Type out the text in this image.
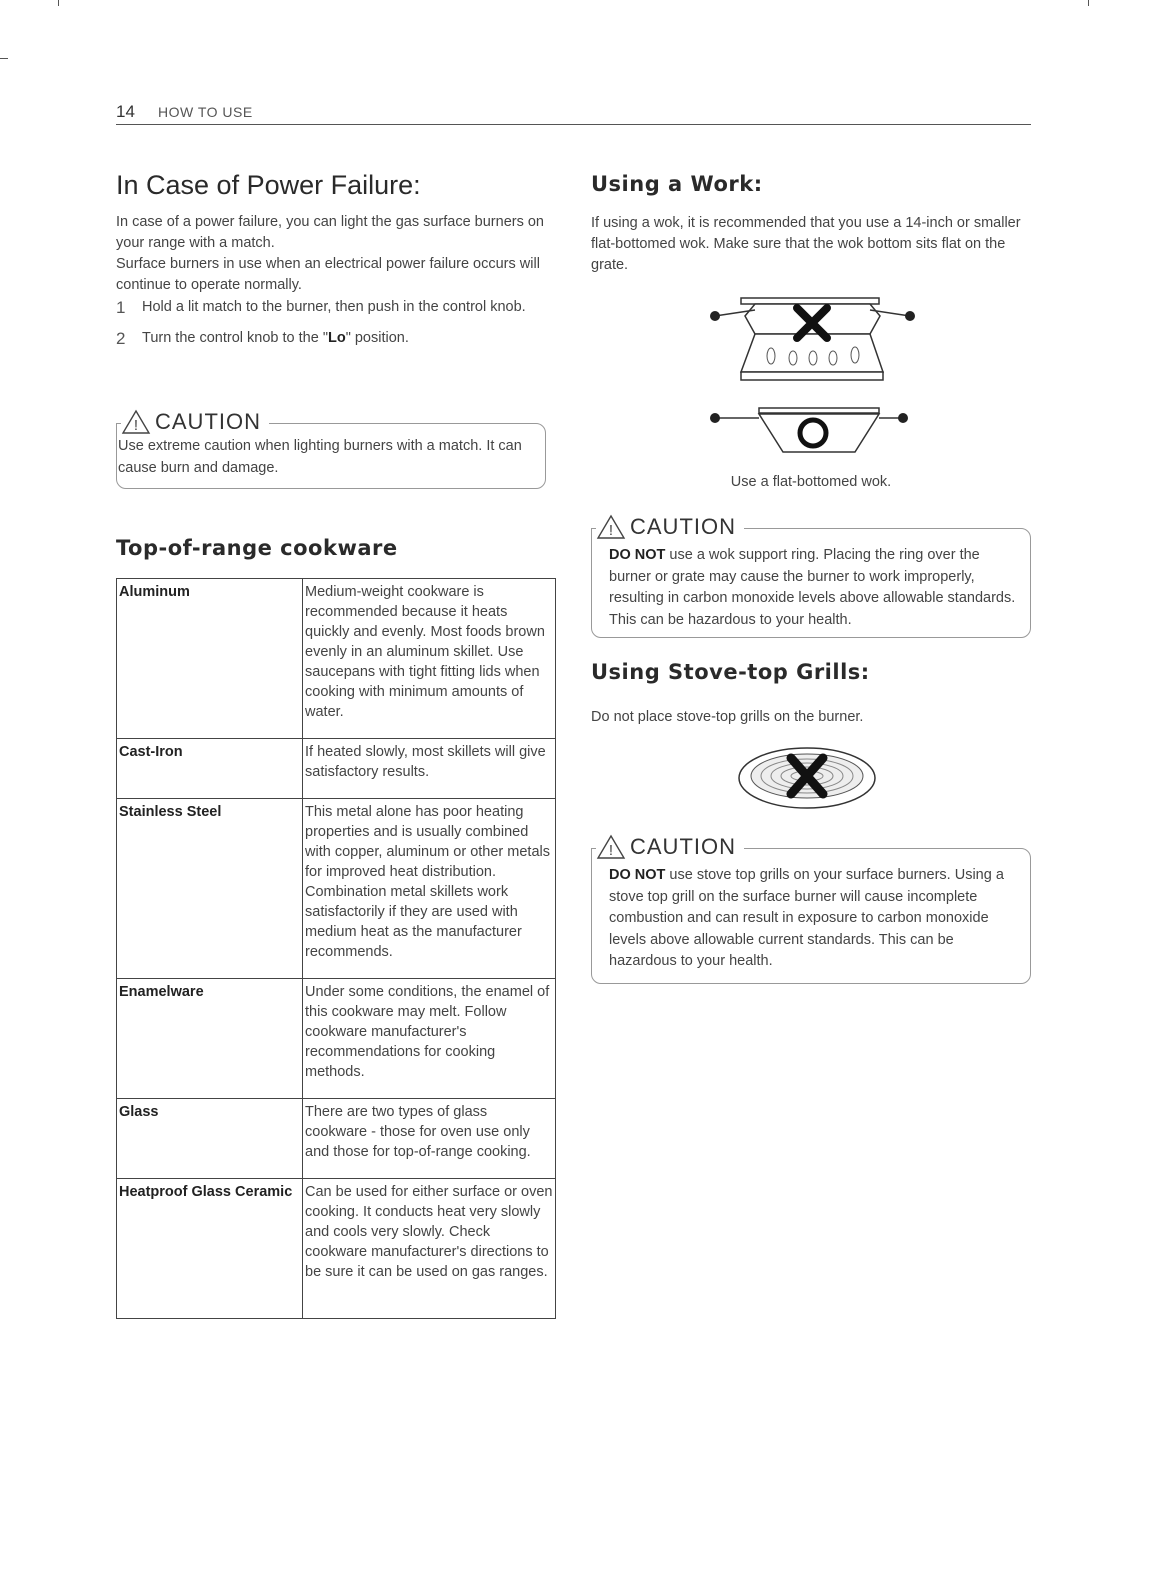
14 HOW TO USE
In Case of Power Failure:

In case of a power failure, you can light the gas surface burners on your range with a match.

Surface burners in use when an electrical power failure occurs will continue to operate normally.

1	Hold a lit match to the burner, then push in the control knob.
2	Turn the control knob to the "Lo" position.
! CAUTION
Use extreme caution when lighting burners with a match. It can cause burn and damage.
Top-of-range cookware
Aluminum	Medium-weight cookware is recommended because it heats quickly and evenly. Most foods brown evenly in an aluminum skillet. Use saucepans with tight fitting lids when cooking with minimum amounts of water.
Cast-Iron	If heated slowly, most skillets will give satisfactory results.
Stainless Steel	This metal alone has poor heating properties and is usually combined with copper, aluminum or other metals for improved heat distribution. Combination metal skillets work satisfactorily if they are used with medium heat as the manufacturer recommends.
Enamelware	Under some conditions, the enamel of this cookware may melt. Follow cookware manufacturer's recommendations for cooking methods.
Glass	There are two types of glass cookware - those for oven use only and those for top-of-range cooking.
Heatproof Glass Ceramic	Can be used for either surface or oven cooking. It conducts heat very slowly and cools very slowly. Check cookware manufacturer's directions to be sure it can be used on gas ranges.
Using a Work:

If using a wok, it is recommended that you use a 14-inch or smaller flat-bottomed wok. Make sure that the wok bottom sits flat on the grate.

Use a flat-bottomed wok.
! CAUTION
DO NOT use a wok support ring. Placing the ring over the burner or grate may cause the burner to work improperly, resulting in carbon monoxide levels above allowable standards. This can be hazardous to your health.
Using Stove-top Grills:

Do not place stove-top grills on the burner.

! CAUTION
DO NOT use stove top grills on your surface burners. Using a stove top grill on the surface burner will cause incomplete combustion and can result in exposure to carbon monoxide levels above allowable current standards. This can be hazardous to your health.
